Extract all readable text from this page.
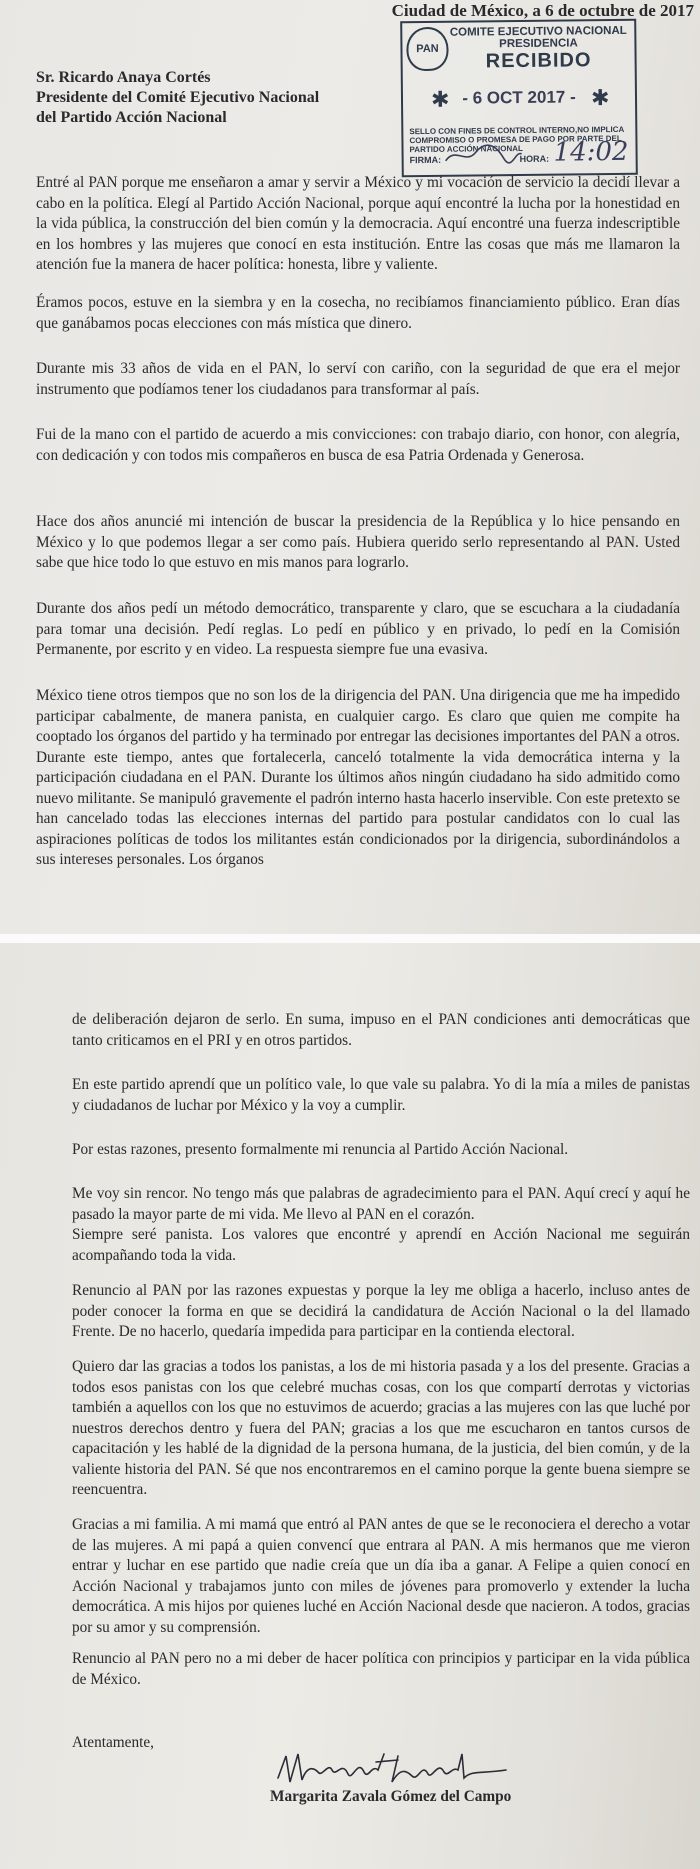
Ciudad de México, a 6 de octubre de 2017
Sr. Ricardo Anaya Cortés
Presidente del Comité Ejecutivo Nacional
del Partido Acción Nacional
PAN
COMITE EJECUTIVO NACIONAL
PRESIDENCIA
RECIBIDO
✱ - 6 OCT 2017 - ✱
SELLO CON FINES DE CONTROL INTERNO,NO IMPLICA COMPROMISO O PROMESA DE PAGO POR PARTE DEL PARTIDO ACCIÓN NACIONAL
FIRMA:	HORA: 14:02

Entré al PAN porque me enseñaron a amar y servir a México y mi vocación de servicio la decidí llevar a cabo en la política. Elegí al Partido Acción Nacional, porque aquí encontré la lucha por la honestidad en la vida pública, la construcción del bien común y la democracia. Aquí encontré una fuerza indescriptible en los hombres y las mujeres que conocí en esta institución. Entre las cosas que más me llamaron la atención fue la manera de hacer política: honesta, libre y valiente.

Éramos pocos, estuve en la siembra y en la cosecha, no recibíamos financiamiento público. Eran días que ganábamos pocas elecciones con más mística que dinero.

Durante mis 33 años de vida en el PAN, lo serví con cariño, con la seguridad de que era el mejor instrumento que podíamos tener los ciudadanos para transformar al país.

Fui de la mano con el partido de acuerdo a mis convicciones: con trabajo diario, con honor, con alegría, con dedicación y con todos mis compañeros en busca de esa Patria Ordenada y Generosa.

Hace dos años anuncié mi intención de buscar la presidencia de la República y lo hice pensando en México y lo que podemos llegar a ser como país. Hubiera querido serlo representando al PAN. Usted sabe que hice todo lo que estuvo en mis manos para lograrlo.

Durante dos años pedí un método democrático, transparente y claro, que se escuchara a la ciudadanía para tomar una decisión. Pedí reglas. Lo pedí en público y en privado, lo pedí en la Comisión Permanente, por escrito y en video. La respuesta siempre fue una evasiva.

México tiene otros tiempos que no son los de la dirigencia del PAN. Una dirigencia que me ha impedido participar cabalmente, de manera panista, en cualquier cargo. Es claro que quien me compite ha cooptado los órganos del partido y ha terminado por entregar las decisiones importantes del PAN a otros. Durante este tiempo, antes que fortalecerla, canceló totalmente la vida democrática interna y la participación ciudadana en el PAN. Durante los últimos años ningún ciudadano ha sido admitido como nuevo militante. Se manipuló gravemente el padrón interno hasta hacerlo inservible. Con este pretexto se han cancelado todas las elecciones internas del partido para postular candidatos con lo cual las aspiraciones políticas de todos los militantes están condicionados por la dirigencia, subordinándolos a sus intereses personales. Los órganos

de deliberación dejaron de serlo. En suma, impuso en el PAN condiciones anti democráticas que tanto criticamos en el PRI y en otros partidos.

En este partido aprendí que un político vale, lo que vale su palabra. Yo di la mía a miles de panistas y ciudadanos de luchar por México y la voy a cumplir.

Por estas razones, presento formalmente mi renuncia al Partido Acción Nacional.

Me voy sin rencor. No tengo más que palabras de agradecimiento para el PAN. Aquí crecí y aquí he pasado la mayor parte de mi vida. Me llevo al PAN en el corazón.

Siempre seré panista. Los valores que encontré y aprendí en Acción Nacional me seguirán acompañando toda la vida.

Renuncio al PAN por las razones expuestas y porque la ley me obliga a hacerlo, incluso antes de poder conocer la forma en que se decidirá la candidatura de Acción Nacional o la del llamado Frente. De no hacerlo, quedaría impedida para participar en la contienda electoral.

Quiero dar las gracias a todos los panistas, a los de mi historia pasada y a los del presente. Gracias a todos esos panistas con los que celebré muchas cosas, con los que compartí derrotas y victorias también a aquellos con los que no estuvimos de acuerdo; gracias a las mujeres con las que luché por nuestros derechos dentro y fuera del PAN; gracias a los que me escucharon en tantos cursos de capacitación y les hablé de la dignidad de la persona humana, de la justicia, del bien común, y de la valiente historia del PAN. Sé que nos encontraremos en el camino porque la gente buena siempre se reencuentra.

Gracias a mi familia. A mi mamá que entró al PAN antes de que se le reconociera el derecho a votar de las mujeres. A mi papá a quien convencí que entrara al PAN. A mis hermanos que me vieron entrar y luchar en ese partido que nadie creía que un día iba a ganar. A Felipe a quien conocí en Acción Nacional y trabajamos junto con miles de jóvenes para promoverlo y extender la lucha democrática. A mis hijos por quienes luché en Acción Nacional desde que nacieron. A todos, gracias por su amor y su comprensión.

Renuncio al PAN pero no a mi deber de hacer política con principios y participar en la vida pública de México.

Atentamente,	Margarita Zavala
Margarita Zavala Gómez del Campo
